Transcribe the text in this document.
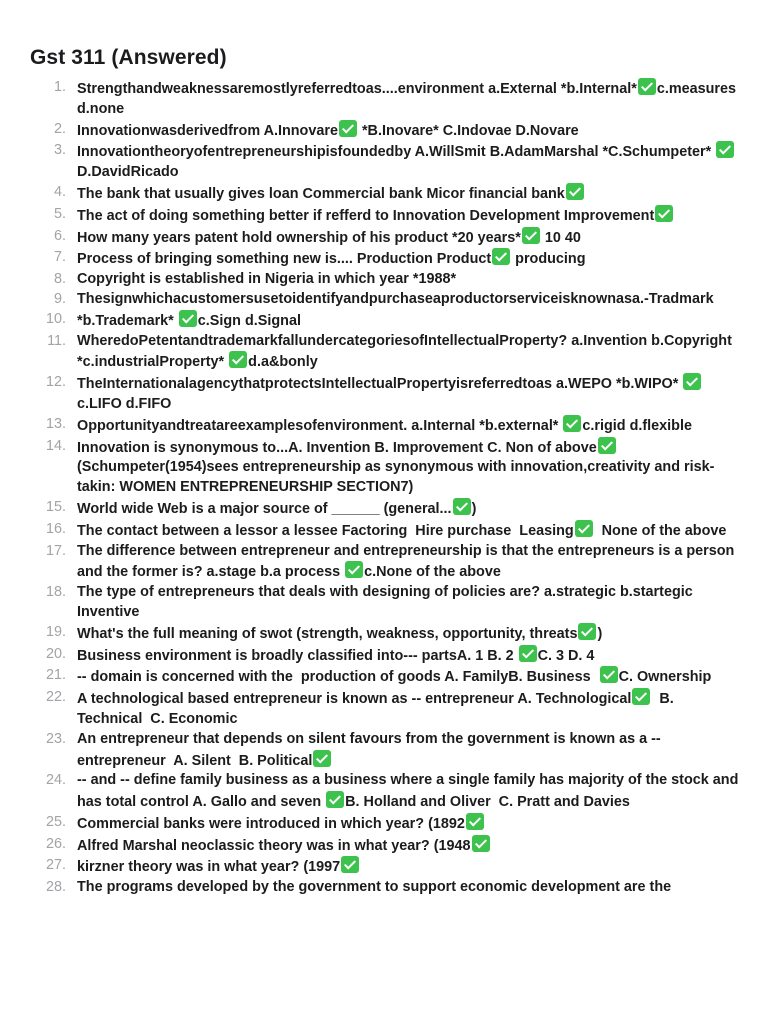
Gst 311 (Answered)
1. Strengthandweaknessaremostlyreferredtoas....environment a.External *b.Internal* c.measures d.none
2. Innovationwasderivedfrom A.Innovare *B.Inovare* C.Indovae D.Novare
3. Innovationtheoryofentrepreneurshipisfoundedby A.WillSmit B.AdamMarshal *C.Schumpeter*  D.DavidRicado
4. The bank that usually gives loan Commercial bank Micor financial bank
5. The act of doing something better if refferd to Innovation Development Improvement
6. How many years patent hold ownership of his product *20 years* 10 40
7. Process of bringing something new is.... Production Product producing
8. Copyright is established in Nigeria in which year *1988*
9. Thesignwhichacustomersusetoidentifyandpurchaseaproductorserviceisknownasa.-Tradmark
10. *b.Trademark* c.Sign d.Signal
11. WheredoPetentandtrademarkfallundercategoriesofIntellectualProperty? a.Invention b.Copyright *c.industrialProperty* d.a&bonly
12. TheInternationalagencythatprotectsIntellectualPropertyisreferredtoas a.WEPO *b.WIPO* c.LIFO d.FIFO
13. Opportunityandtreatareexamplesofenvironment. a.Internal *b.external* c.rigid d.flexible
14. Innovation is synonymous to...A. Invention B. Improvement C. Non of above(Schumpeter(1954)sees entrepreneurship as synonymous with innovation,creativity and risk-takin: WOMEN ENTREPRENEURSHIP SECTION7)
15. World wide Web is a major source of ______ (general... )
16. The contact between a lessor a lessee Factoring  Hire purchase  Leasing  None of the above
17. The difference between entrepreneur and entrepreneurship is that the entrepreneurs is a person and the former is? a.stage b.a process c.None of the above
18. The type of entrepreneurs that deals with designing of policies are? a.strategic b.startegic Inventive
19. What's the full meaning of swot (strength, weakness, opportunity, threats )
20. Business environment is broadly classified into--- partsA. 1 B. 2 C. 3 D. 4
21. -- domain is concerned with the  production of goods A. FamilyB. Business  C. Ownership
22. A technological based entrepreneur is known as -- entrepreneur A. Technological  B. Technical  C. Economic
23. An entrepreneur that depends on silent favours from the government is known as a -- entrepreneur  A. Silent  B. Political
24. -- and -- define family business as a business where a single family has majority of the stock and has total control A. Gallo and seven B. Holland and Oliver  C. Pratt and Davies
25. Commercial banks were introduced in which year? (1892
26. Alfred Marshal neoclassic theory was in what year? (1948
27. kirzner theory was in what year? (1997
28. The programs developed by the government to support economic development are the
